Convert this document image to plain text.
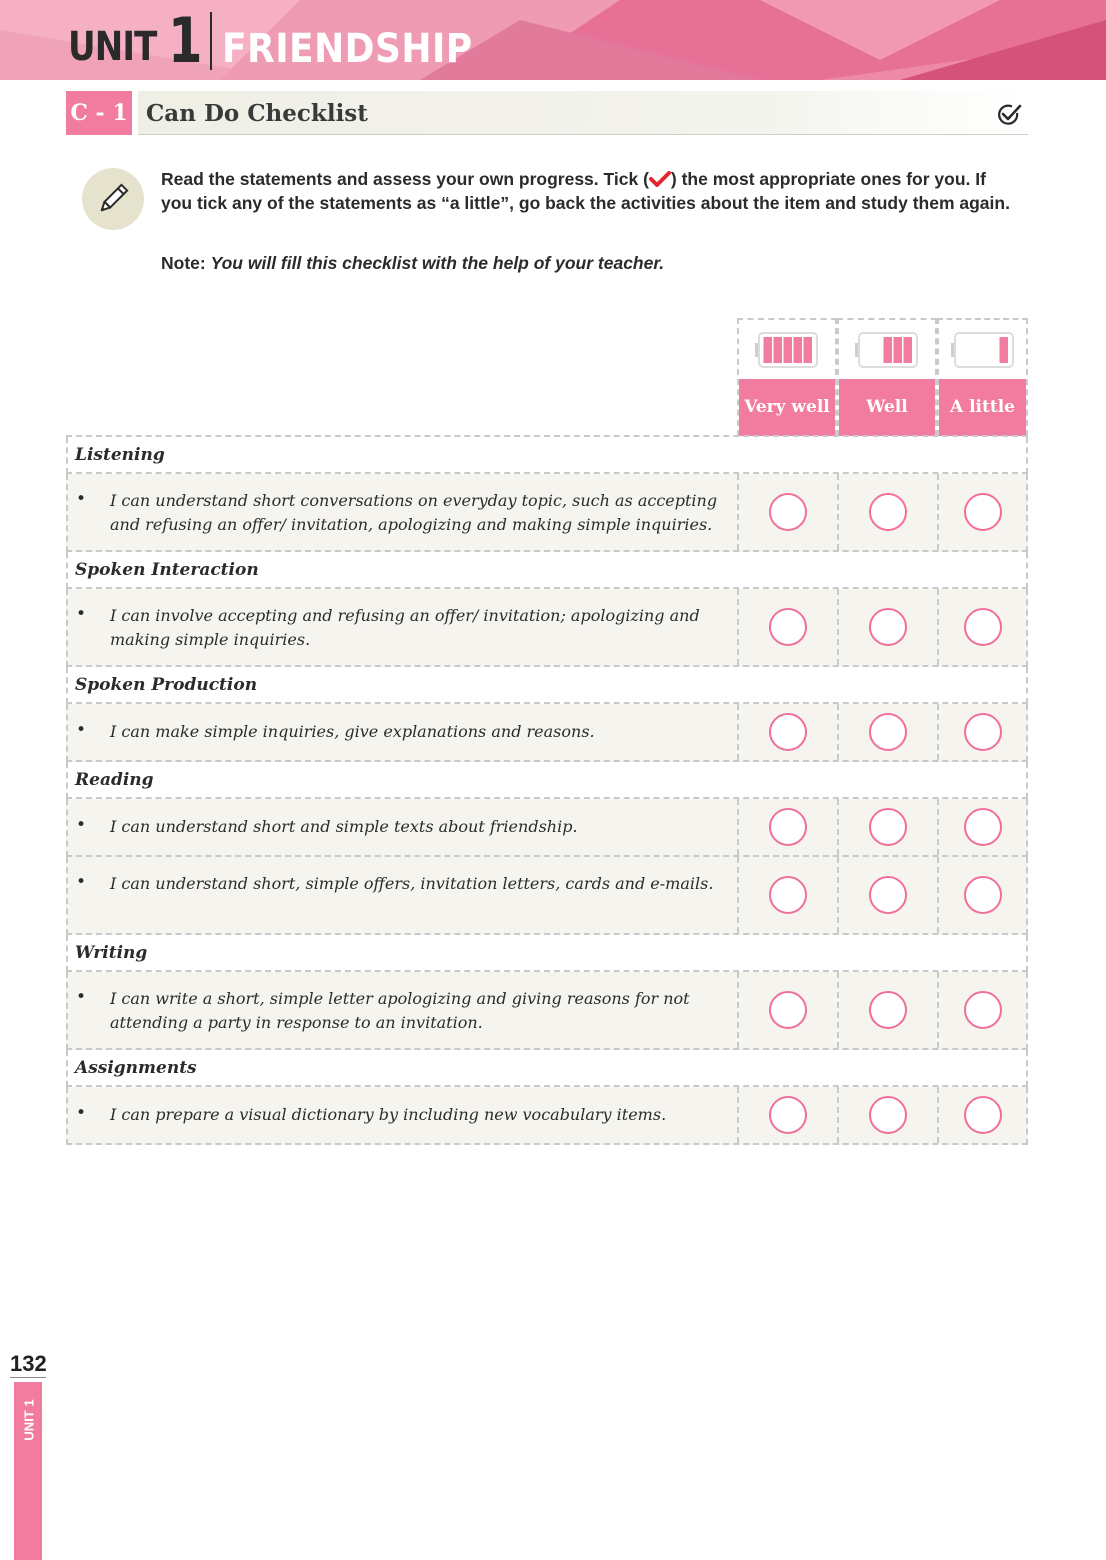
UNIT 1 FRIENDSHIP
C - 1 Can Do Checklist
Read the statements and assess your own progress. Tick ( ) the most appropriate ones for you. If you tick any of the statements as “a little”, go back the activities about the item and study them again.
Note: You will fill this checklist with the help of your teacher.
Very well	Well	A little
Listening
• I can understand short conversations on everyday topic, such as accepting and refusing an offer/ invitation, apologizing and making simple inquiries.
Spoken Interaction
• I can involve accepting and refusing an offer/ invitation; apologizing and making simple inquiries.
Spoken Production
• I can make simple inquiries, give explanations and reasons.
Reading
• I can understand short and simple texts about friendship.
• I can understand short, simple offers, invitation letters, cards and e-mails.
Writing
• I can write a short, simple letter apologizing and giving reasons for not attending a party in response to an invitation.
Assignments
• I can prepare a visual dictionary by including new vocabulary items.
132
UNIT 1
